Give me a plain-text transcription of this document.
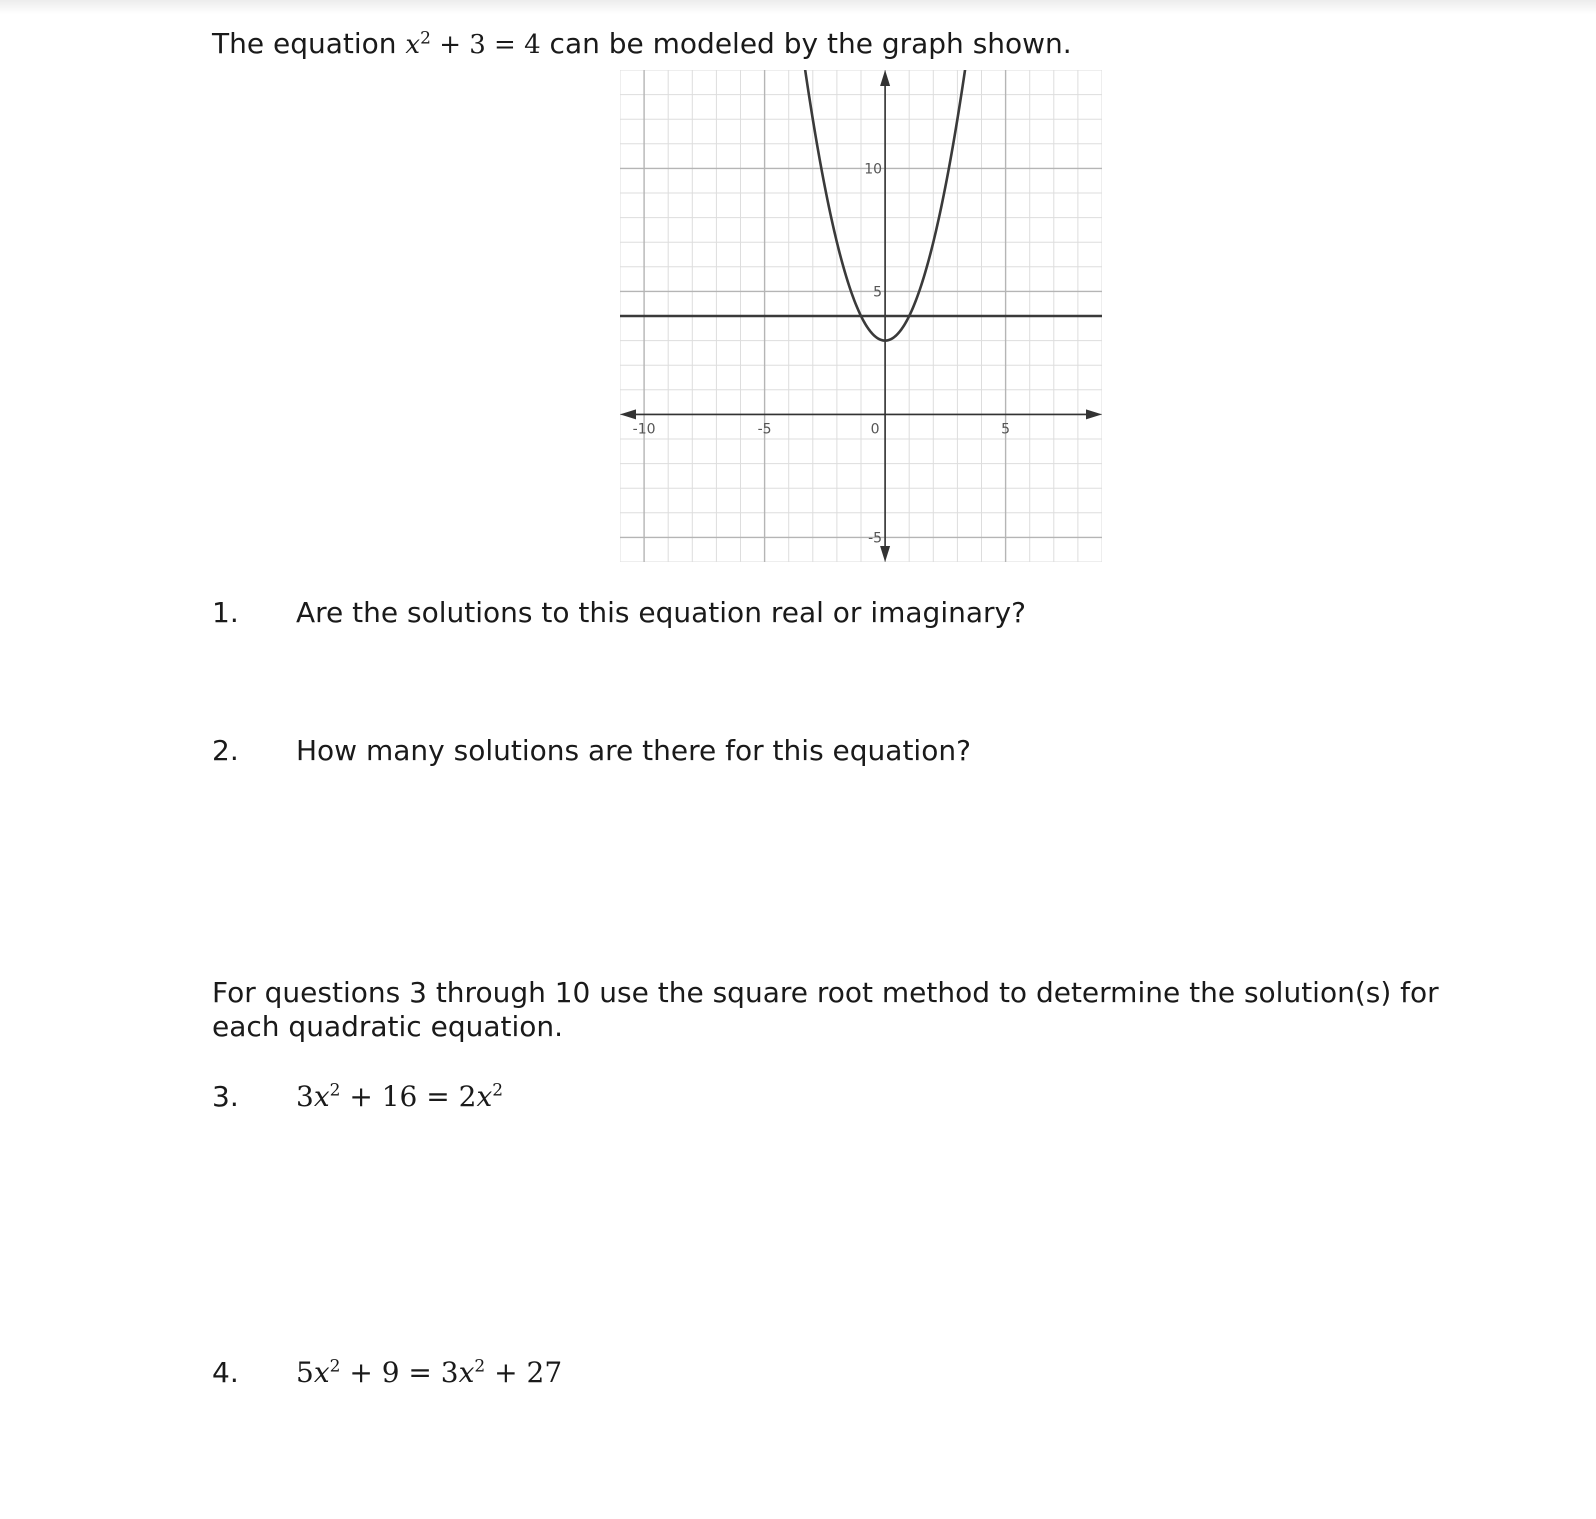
The equation $x^2 + 3 = 4$ can be modeled by the graph shown.
-10	-5	0	5
10
5
-5
1. Are the solutions to this equation real or imaginary?
2. How many solutions are there for this equation?
For questions 3 through 10 use the square root method to determine the solution(s) for each quadratic equation.
3. $3x^2 + 16 = 2x^2$
4. $5x^2 + 9 = 3x^2 + 27$
